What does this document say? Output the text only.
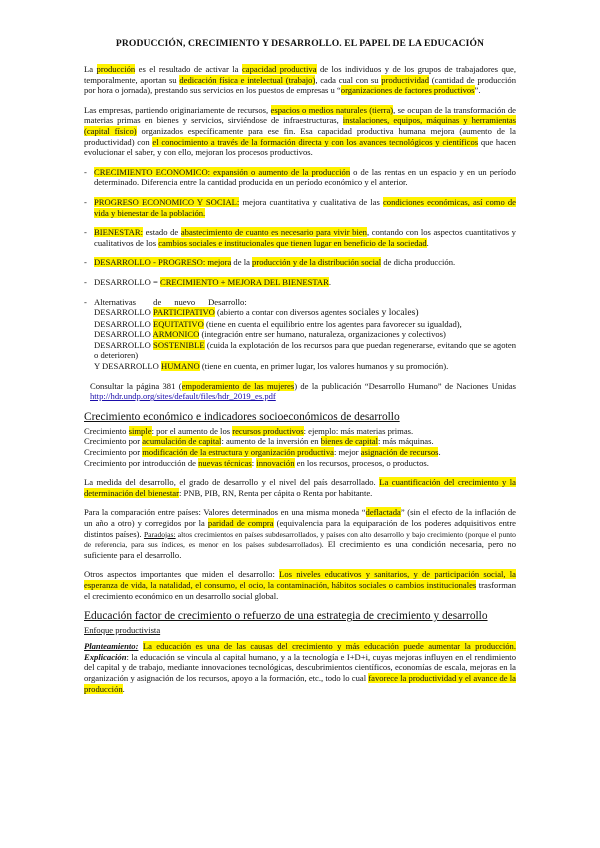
PRODUCCIÓN, CRECIMIENTO Y DESARROLLO. EL PAPEL DE LA EDUCACIÓN

La producción es el resultado de activar la capacidad productiva de los individuos y de los grupos de trabajadores que, temporalmente, aportan su dedicación física e intelectual (trabajo), cada cual con su productividad (cantidad de producción por hora o jornada), prestando sus servicios en los puestos de empresas u “organizaciones de factores productivos”.

Las empresas, partiendo originariamente de recursos, espacios o medios naturales (tierra), se ocupan de la transformación de materias primas en bienes y servicios, sirviéndose de infraestructuras, instalaciones, equipos, máquinas y herramientas (capital físico) organizados específicamente para ese fin. Esa capacidad productiva humana mejora (aumento de la productividad) con el conocimiento a través de la formación directa y con los avances tecnológicos y científicos que hacen evolucionar el saber, y con ello, mejoran los procesos productivos.

- CRECIMIENTO ECONOMICO: expansión o aumento de la producción o de las rentas en un espacio y en un período determinado. Diferencia entre la cantidad producida en un período económico y el anterior.
- PROGRESO ECONOMICO Y SOCIAL: mejora cuantitativa y cualitativa de las condiciones económicas, así como de vida y bienestar de la población.
- BIENESTAR: estado de abastecimiento de cuanto es necesario para vivir bien, contando con los aspectos cuantitativos y cualitativos de los cambios sociales e institucionales que tienen lugar en beneficio de la sociedad.
- DESARROLLO - PROGRESO: mejora de la producción y de la distribución social de dicha producción.
- DESARROLLO = CRECIMIENTO + MEJORA DEL BIENESTAR.
- Alternativas        de      nuevo      Desarrollo:
DESARROLLO PARTICIPATIVO (abierto a contar con diversos agentes sociales y locales)
DESARROLLO EQUITATIVO (tiene en cuenta el equilibrio entre los agentes para favorecer su igualdad),
DESARROLLO ARMONICO (integración entre ser humano, naturaleza, organizaciones y colectivos)
DESARROLLO SOSTENIBLE (cuida la explotación de los recursos para que puedan regenerarse, evitando que se agoten o deterioren)
Y DESARROLLO HUMANO (tiene en cuenta, en primer lugar, los valores humanos y su promoción).

Consultar la página 381 (empoderamiento de las mujeres) de la publicación “Desarrollo Humano” de Naciones Unidas http://hdr.undp.org/sites/default/files/hdr_2019_es.pdf

Crecimiento económico e indicadores socioeconómicos de desarrollo

Crecimiento simple: por el aumento de los recursos productivos: ejemplo: más materias primas.
Crecimiento por acumulación de capital: aumento de la inversión en bienes de capital: más máquinas.
Crecimiento por modificación de la estructura y organización productiva: mejor asignación de recursos.
Crecimiento por introducción de nuevas técnicas: innovación en los recursos, procesos, o productos.

La medida del desarrollo, el grado de desarrollo y el nivel del país desarrollado. La cuantificación del crecimiento y la determinación del bienestar: PNB, PIB, RN, Renta per cápita o Renta por habitante.

Para la comparación entre países: Valores determinados en una misma moneda “deflactada” (sin el efecto de la inflación de un año a otro) y corregidos por la paridad de compra (equivalencia para la equiparación de los poderes adquisitivos entre distintos países). Paradojas: altos crecimientos en países subdesarrollados, y países con alto desarrollo y bajo crecimiento (porque el punto de referencia, para sus índices, es menor en los países subdesarrollados). El crecimiento es una condición necesaria, pero no suficiente para el desarrollo.

Otros aspectos importantes que miden el desarrollo: Los niveles educativos y sanitarios, y de participación social, la esperanza de vida, la natalidad, el consumo, el ocio, la contaminación, hábitos sociales o cambios institucionales trasforman el crecimiento económico en un desarrollo social global.

Educación factor de crecimiento o refuerzo de una estrategia de crecimiento y desarrollo
Enfoque productivista

Planteamiento: La educación es una de las causas del crecimiento y más educación puede aumentar la producción. Explicación: la educación se vincula al capital humano, y a la tecnología e I+D+i, cuyas mejoras influyen en el rendimiento del capital y de trabajo, mediante innovaciones tecnológicas, descubrimientos científicos, economías de escala, mejoras en la organización y asignación de los recursos, apoyo a la formación, etc., todo lo cual favorece la productividad y el avance de la producción.
